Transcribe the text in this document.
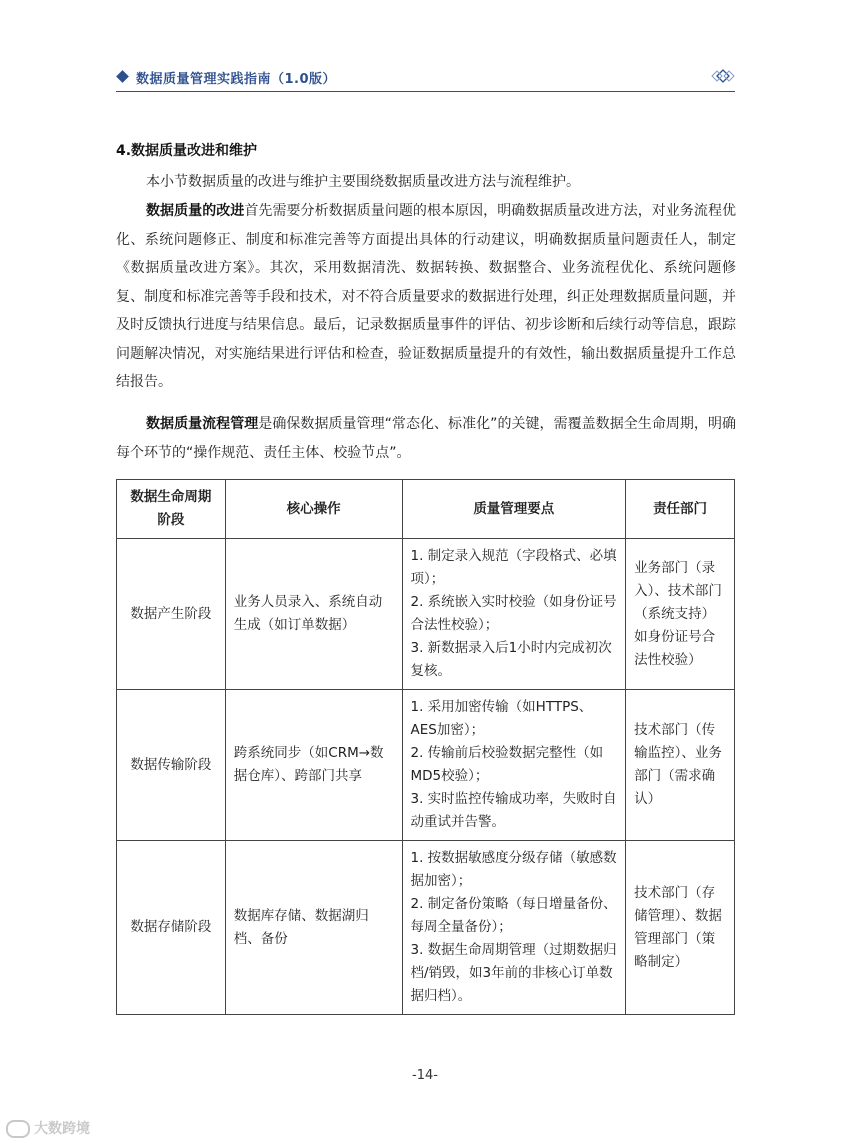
数据质量管理实践指南（1.0版）
4.数据质量改进和维护

本小节数据质量的改进与维护主要围绕数据质量改进方法与流程维护。

数据质量的改进首先需要分析数据质量问题的根本原因，明确数据质量改进方法，对业务流程优化、系统问题修正、制度和标准完善等方面提出具体的行动建议，明确数据质量问题责任人，制定《数据质量改进方案》。其次，采用数据清洗、数据转换、数据整合、业务流程优化、系统问题修复、制度和标准完善等手段和技术，对不符合质量要求的数据进行处理，纠正处理数据质量问题，并及时反馈执行进度与结果信息。最后，记录数据质量事件的评估、初步诊断和后续行动等信息，跟踪问题解决情况，对实施结果进行评估和检查，验证数据质量提升的有效性，输出数据质量提升工作总结报告。

数据质量流程管理是确保数据质量管理“常态化、标准化”的关键，需覆盖数据全生命周期，明确每个环节的“操作规范、责任主体、校验节点”。

数据生命周期阶段	核心操作	质量管理要点	责任部门
数据产生阶段	业务人员录入、系统自动生成（如订单数据）	1. 制定录入规范（字段格式、必填项）；
2. 系统嵌入实时校验（如身份证号合法性校验）；
3. 新数据录入后1小时内完成初次复核。	业务部门（录入）、技术部门（系统支持）如身份证号合法性校验）
数据传输阶段	跨系统同步（如CRM→数据仓库）、跨部门共享	1. 采用加密传输（如HTTPS、AES加密）；
2. 传输前后校验数据完整性（如MD5校验）；
3. 实时监控传输成功率，失败时自动重试并告警。	技术部门（传输监控）、业务部门（需求确认）
数据存储阶段	数据库存储、数据湖归档、备份	1. 按数据敏感度分级存储（敏感数据加密）；
2. 制定备份策略（每日增量备份、每周全量备份）；
3. 数据生命周期管理（过期数据归档/销毁，如3年前的非核心订单数据归档）。	技术部门（存储管理）、数据管理部门（策略制定）
-14-
大数跨境
